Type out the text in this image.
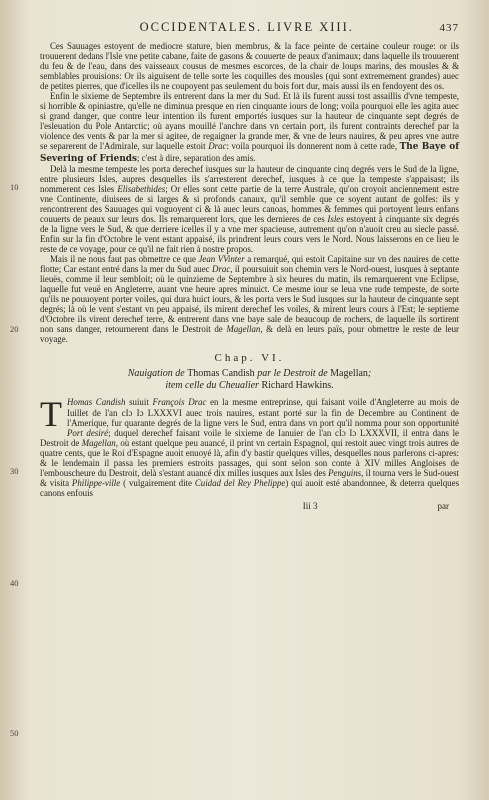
OCCIDENTALES. LIVRE XIII.	437
10
20
30
40
50

Ces Sauuages estoyent de mediocre stature, bien membrus, & la face peinte de certaine couleur rouge: or ils trouuerent dedans l'Isle vne petite cabane, faite de gasons & couuerte de peaux d'animaux; dans laquelle ils trouuerent du feu & de l'eau, dans des vaisseaux cousus de mesmes escorces, de la chair de loups marins, des mousles & & semblables prouisions: Or ils aiguisent de telle sorte les coquilles des mousles (qui sont extremement grandes) auec de petites pierres, que d'icelles ils ne coupoyent pas seulement du bois fort dur, mais aussi ils en fendoyent des os.

Enfin le sixieme de Septembre ils entrerent dans la mer du Sud. Et là ils furent aussi tost assaillis d'vne tempeste, si horrible & opiniastre, qu'elle ne diminua presque en rien cinquante iours de long; voila pourquoi elle les agita auec si grand danger, que contre leur intention ils furent emportés iusques sur la hauteur de cinquante sept degrés de l'esleuation du Pole Antarctic; où ayans mouillé l'anchre dans vn certain port, ils furent contraints derechef par la violence des vents & par la mer si agitee, de regaigner la grande mer, & vne de leurs nauires, & peu apres vne autre se separerent de l'Admirale, sur laquelle estoit Drac: voila pourquoi ils donnerent nom à cette rade, The Baye of Severing of Friends; c'est à dire, separation des amis.

Delà la mesme tempeste les porta derechef iusques sur la hauteur de cinquante cinq degrés vers le Sud de la ligne, entre plusieurs Isles, aupres desquelles ils s'arresterent derechef, iusques à ce que la tempeste s'appaisast; ils nommerent ces Isles Elisabethides; Or elles sont cette partie de la terre Australe, qu'on croyoit anciennement estre vne Continente, diuisees de si larges & si profonds canaux, qu'il semble que ce soyent autant de golfes: ils y rencontrerent des Sauuages qui voguoyent ci & là auec leurs canoas, hommes & femmes qui portoyent leurs enfans couuerts de peaux sur leurs dos. Ils remarquerent lors, que les dernieres de ces Isles estoyent à cinquante six degrés de la ligne vers le Sud, & que derriere icelles il y a vne mer spacieuse, autrement qu'on n'auoit creu au siecle passé. Enfin sur la fin d'Octobre le vent estant appaisé, ils prindrent leurs cours vers le Nord. Nous laisserons en ce lieu le reste de ce voyage, pour ce qu'il ne fait rien à nostre propos.

Mais il ne nous faut pas obmettre ce que Jean VVinter a remarqué, qui estoit Capitaine sur vn des nauires de cette flotte; Car estant entré dans la mer du Sud auec Drac, il poursuiuit son chemin vers le Nord-ouest, iusques à septante lieuës, comme il leur sembloit; où le quinzieme de Septembre à six heures du matin, ils remarquerent vne Eclipse, laquelle fut veuë en Angleterre, auant vne heure apres minuict. Ce mesme iour se leua vne rude tempeste, de sorte qu'ils ne pouuoyent porter voiles, qui dura huict iours, & les porta vers le Sud iusques sur la hauteur de cinquante sept degrés; là où le vent s'estant vn peu appaisé, ils mirent derechef les voiles, & mirent leurs cours à l'Est; le septieme d'Octobre ils virent derechef terre, & entrerent dans vne baye sale de beaucoup de rochers, de laquelle ils sortirent non sans danger, retournerent dans le Destroit de Magellan, & delà en leurs païs, pour obmettre le reste de leur voyage.

Chap. VI.
Nauigation de Thomas Candish par le Destroit de Magellan;
item celle du Cheualier Richard Hawkins.
T Homas Candish suiuit François Drac en la mesme entreprinse, qui faisant voile d'Angleterre au mois de Iuillet de l'an cIɔ Iɔ LXXXVI auec trois nauires, estant porté sur la fin de Decembre au Continent de l'Amerique, fur quarante degrés de la ligne vers le Sud, entra dans vn port qu'il nomma pour son opportunité Port desiré; duquel derechef faisant voile le sixieme de Ianuier de l'an cIɔ Iɔ LXXXVII, il entra dans le Destroit de Magellan, où estant quelque peu auancé, il print vn certain Espagnol, qui restoit auec vingt trois autres de quatre cents, que le Roi d'Espagne auoit enuoyé là, afin d'y bastir quelques villes, desquelles nous parlerons ci-apres: & le lendemain il passa les premiers estroits passages, qui sont selon son conte à XIV milles Angloises de l'embouscheure du Destroit, delà s'estant auancé dix milles iusques aux Isles des Penguins, il tourna vers le Sud-ouest & visita Philippe-ville ( vulgairement dite Cuidad del Rey Phelippe) qui auoit esté abandonnee, & deterra quelques canons enfouis

Iii 3	par
